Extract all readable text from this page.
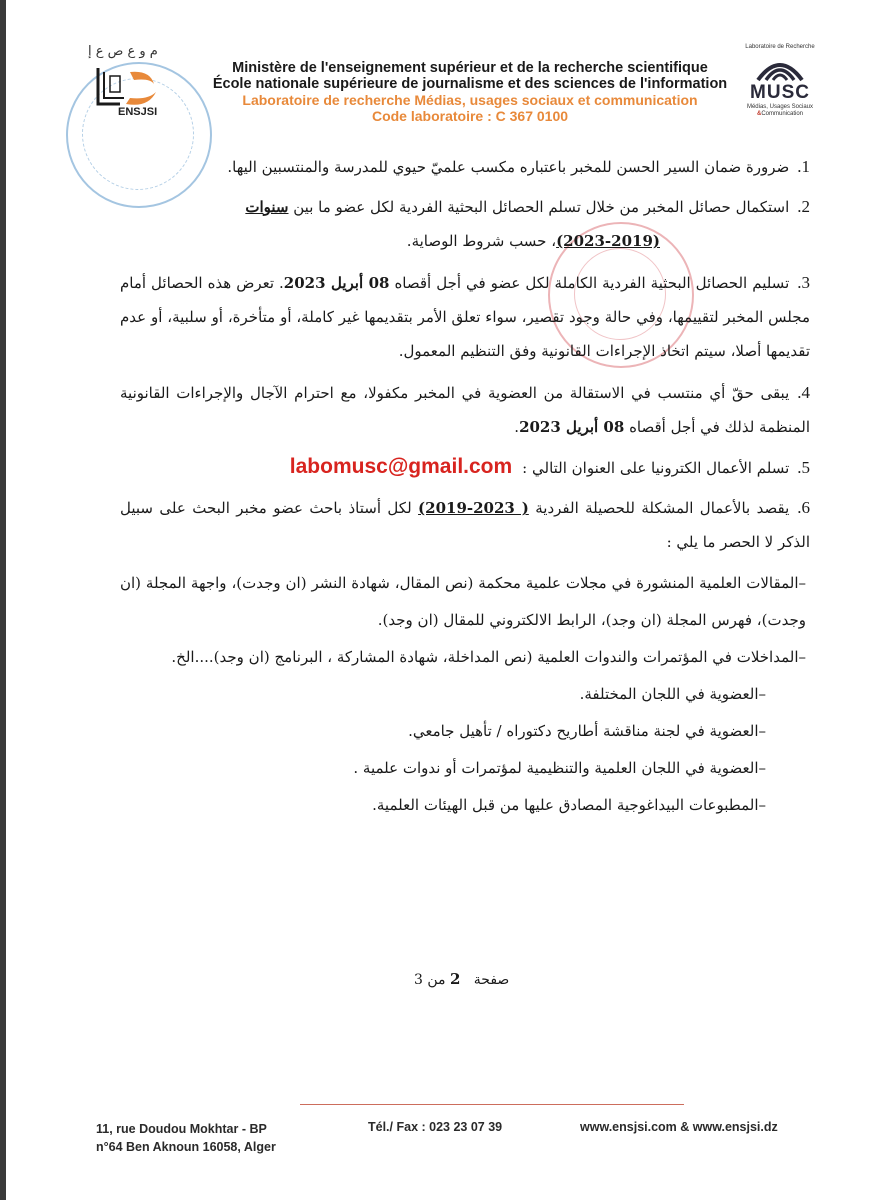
م و ع ص ع إ
ENSJSI
Ministère de l'enseignement supérieur et de la recherche scientifique
École nationale supérieure de journalisme et des sciences de l'information
Laboratoire de recherche Médias, usages sociaux et communication
Code laboratoire : C 367 0100
Laboratoire de Recherche
MUSC
Médias, Usages Sociaux
&Communication

1.ضرورة ضمان السير الحسن للمخبر باعتباره مكسب علميّ حيوي للمدرسة والمنتسبين اليها.

2.استكمال حصائل المخبر من خلال تسلم الحصائل البحثية الفردية لكل عضو ما بين سنوات
(2023-2019)، حسب شروط الوصاية.

3.تسليم الحصائل البحثية الفردية الكاملة لكل عضو في أجل أقصاه 08 أبريل 2023. تعرض هذه الحصائل أمام مجلس المخبر لتقييمها، وفي حالة وجود تقصير، سواء تعلق الأمر بتقديمها غير كاملة، أو متأخرة، أو سلبية، أو عدم تقديمها أصلا، سيتم اتخاذ الإجراءات القانونية وفق التنظيم المعمول.

4.يبقى حقّ أي منتسب في الاستقالة من العضوية في المخبر مكفولا، مع احترام الآجال والإجراءات القانونية المنظمة لذلك في أجل أقصاه 08 أبريل 2023.

5.تسلم الأعمال الكترونيا على العنوان التالي :labomusc@gmail.com

6.يقصد بالأعمال المشكلة للحصيلة الفردية (2019-2023 ) لكل أستاذ باحث عضو مخبر البحث على سبيل الذكر لا الحصر ما يلي :

–المقالات العلمية المنشورة في مجلات علمية محكمة (نص المقال، شهادة النشر (ان وجدت)، واجهة المجلة (ان وجدت)، فهرس المجلة (ان وجد)، الرابط الالكتروني للمقال (ان وجد).

–المداخلات في المؤتمرات والندوات العلمية (نص المداخلة، شهادة المشاركة ، البرنامج (ان وجد)....الخ.

–العضوية في اللجان المختلفة.

–العضوية في لجنة مناقشة أطاريح دكتوراه / تأهيل جامعي.

–العضوية في اللجان العلمية والتنظيمية لمؤتمرات أو ندوات علمية .

–المطبوعات البيداغوجية المصادق عليها من قبل الهيئات العلمية.

صفحة   2 من 3
11, rue Doudou Mokhtar - BP
n°64 Ben Aknoun 16058, Alger
Tél./ Fax : 023 23 07 39	www.ensjsi.com & www.ensjsi.dz
